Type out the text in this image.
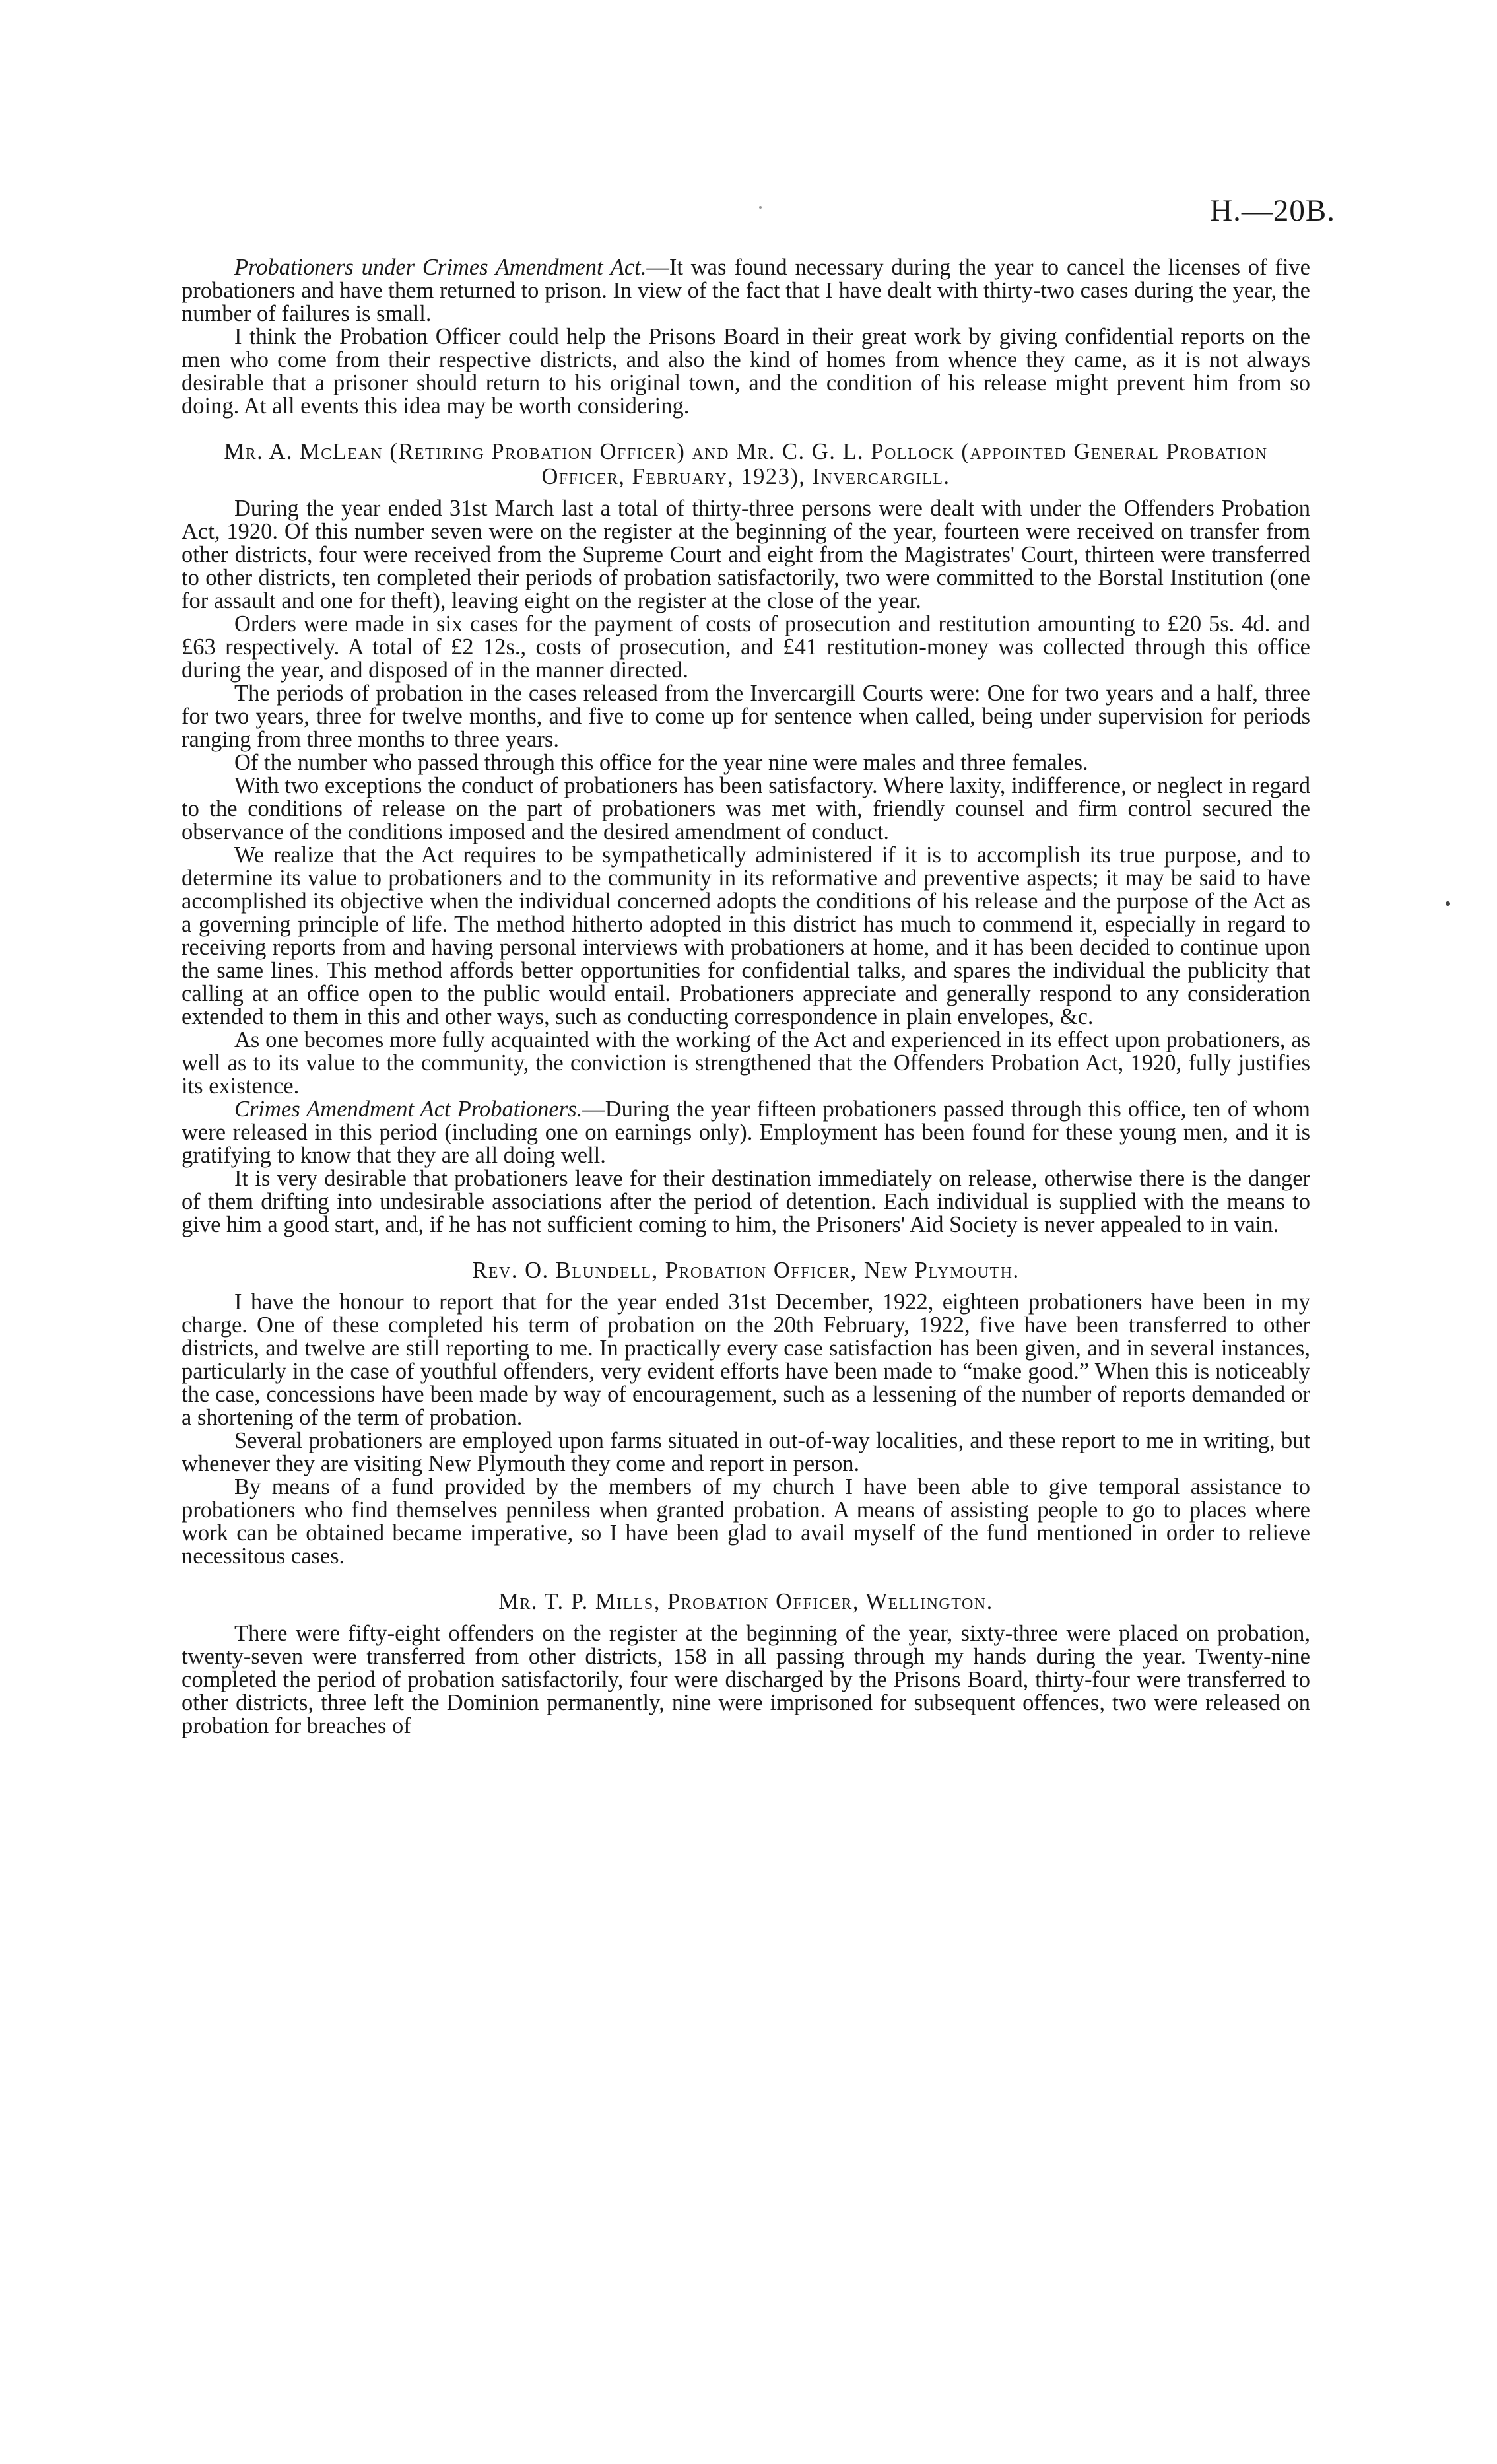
H.—20B.

Probationers under Crimes Amendment Act.—It was found necessary during the year to cancel the licenses of five probationers and have them returned to prison. In view of the fact that I have dealt with thirty-two cases during the year, the number of failures is small.

I think the Probation Officer could help the Prisons Board in their great work by giving confidential reports on the men who come from their respective districts, and also the kind of homes from whence they came, as it is not always desirable that a prisoner should return to his original town, and the condition of his release might prevent him from so doing. At all events this idea may be worth considering.

Mr. A. McLean (Retiring Probation Officer) and Mr. C. G. L. Pollock (appointed General Probation Officer, February, 1923), Invercargill.

During the year ended 31st March last a total of thirty-three persons were dealt with under the Offenders Probation Act, 1920. Of this number seven were on the register at the beginning of the year, fourteen were received on transfer from other districts, four were received from the Supreme Court and eight from the Magistrates' Court, thirteen were transferred to other districts, ten completed their periods of probation satisfactorily, two were committed to the Borstal Institution (one for assault and one for theft), leaving eight on the register at the close of the year.

Orders were made in six cases for the payment of costs of prosecution and restitution amounting to £20 5s. 4d. and £63 respectively. A total of £2 12s., costs of prosecution, and £41 restitution-money was collected through this office during the year, and disposed of in the manner directed.

The periods of probation in the cases released from the Invercargill Courts were: One for two years and a half, three for two years, three for twelve months, and five to come up for sentence when called, being under supervision for periods ranging from three months to three years.

Of the number who passed through this office for the year nine were males and three females.

With two exceptions the conduct of probationers has been satisfactory. Where laxity, indifference, or neglect in regard to the conditions of release on the part of probationers was met with, friendly counsel and firm control secured the observance of the conditions imposed and the desired amendment of conduct.

We realize that the Act requires to be sympathetically administered if it is to accomplish its true purpose, and to determine its value to probationers and to the community in its reformative and preventive aspects; it may be said to have accomplished its objective when the individual concerned adopts the conditions of his release and the purpose of the Act as a governing principle of life. The method hitherto adopted in this district has much to commend it, especially in regard to receiving reports from and having personal interviews with probationers at home, and it has been decided to continue upon the same lines. This method affords better opportunities for confidential talks, and spares the individual the publicity that calling at an office open to the public would entail. Probationers appreciate and generally respond to any consideration extended to them in this and other ways, such as conducting correspondence in plain envelopes, &c.

As one becomes more fully acquainted with the working of the Act and experienced in its effect upon probationers, as well as to its value to the community, the conviction is strengthened that the Offenders Probation Act, 1920, fully justifies its existence.

Crimes Amendment Act Probationers.—During the year fifteen probationers passed through this office, ten of whom were released in this period (including one on earnings only). Employment has been found for these young men, and it is gratifying to know that they are all doing well.

It is very desirable that probationers leave for their destination immediately on release, otherwise there is the danger of them drifting into undesirable associations after the period of detention. Each individual is supplied with the means to give him a good start, and, if he has not sufficient coming to him, the Prisoners' Aid Society is never appealed to in vain.

Rev. O. Blundell, Probation Officer, New Plymouth.

I have the honour to report that for the year ended 31st December, 1922, eighteen probationers have been in my charge. One of these completed his term of probation on the 20th February, 1922, five have been transferred to other districts, and twelve are still reporting to me. In practically every case satisfaction has been given, and in several instances, particularly in the case of youthful offenders, very evident efforts have been made to “make good.” When this is noticeably the case, concessions have been made by way of encouragement, such as a lessening of the number of reports demanded or a shortening of the term of probation.

Several probationers are employed upon farms situated in out-of-way localities, and these report to me in writing, but whenever they are visiting New Plymouth they come and report in person.

By means of a fund provided by the members of my church I have been able to give temporal assistance to probationers who find themselves penniless when granted probation. A means of assisting people to go to places where work can be obtained became imperative, so I have been glad to avail myself of the fund mentioned in order to relieve necessitous cases.

Mr. T. P. Mills, Probation Officer, Wellington.

There were fifty-eight offenders on the register at the beginning of the year, sixty-three were placed on probation, twenty-seven were transferred from other districts, 158 in all passing through my hands during the year. Twenty-nine completed the period of probation satisfactorily, four were discharged by the Prisons Board, thirty-four were transferred to other districts, three left the Dominion permanently, nine were imprisoned for subsequent offences, two were released on probation for breaches of
